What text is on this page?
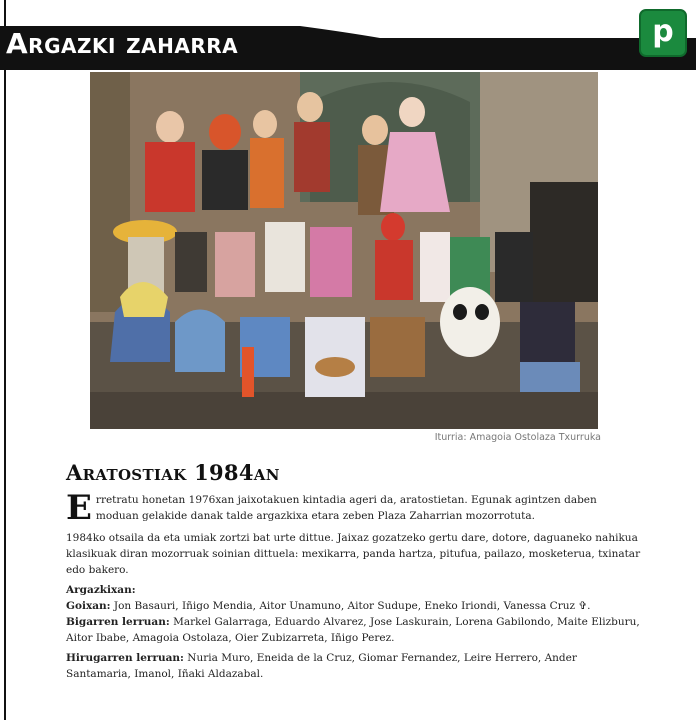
Argazki zaharra	p
Iturria: Amagoia Ostolaza Txurruka
Aratostiak 1984an
Erretratu honetan 1976xan jaixotakuen kintadia ageri da, aratostietan. Egunak agintzen daben moduan gelakide danak talde argazkixa etara zeben Plaza Zaharrian mozorrotuta.
1984ko otsaila da eta umiak zortzi bat urte dittue. Jaixaz gozatzeko gertu dare, dotore, daguaneko nahikua klasikuak diran mozorruak soinian dittuela: mexikarra, panda hartza, pitufua, pailazo, mosketerua, txinatar edo bakero.
Argazkixan:
Goixan: Jon Basauri, Iñigo Mendia, Aitor Unamuno, Aitor Sudupe, Eneko Iriondi, Vanessa Cruz ✞.
Bigarren lerruan: Markel Galarraga, Eduardo Alvarez, Jose Laskurain, Lorena Gabilondo, Maite Elizburu, Aitor Ibabe, Amagoia Ostolaza, Oier Zubizarreta, Iñigo Perez.
Hirugarren lerruan: Nuria Muro, Eneida de la Cruz, Giomar Fernandez, Leire Herrero, Ander Santamaria, Imanol, Iñaki Aldazabal.
